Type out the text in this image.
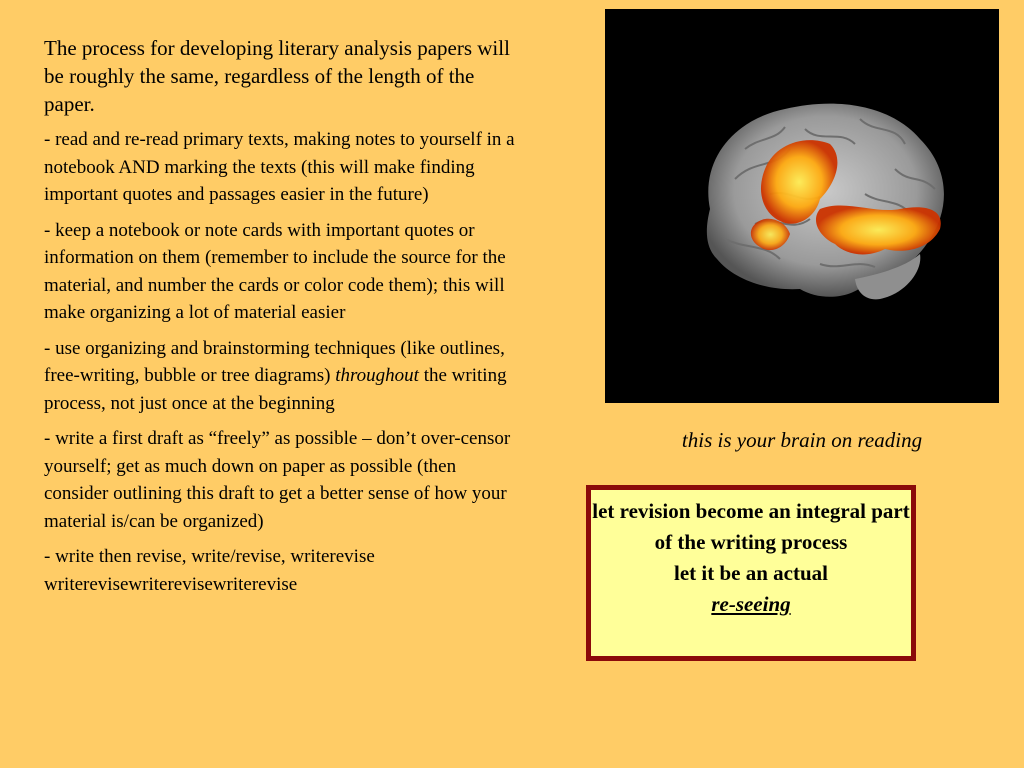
The process for developing literary analysis papers will be roughly the same, regardless of the length of the paper.

- read and re-read primary texts, making notes to yourself in a notebook AND marking the texts (this will make finding important quotes and passages easier in the future)

- keep a notebook or note cards with important quotes or information on them (remember to include the source for the material, and number the cards or color code them); this will make organizing a lot of material easier

- use organizing and brainstorming techniques (like outlines, free-writing, bubble or tree diagrams) throughout the writing process, not just once at the beginning

- write a first draft as “freely” as possible – don’t over-censor yourself; get as much down on paper as possible (then consider outlining this draft to get a better sense of how your material is/can be organized)

- write then revise, write/revise, writerevise writerevisewriterevisewriterevise

this is your brain on reading
let revision become an integral part of the writing process
let it be an actual
re-seeing
